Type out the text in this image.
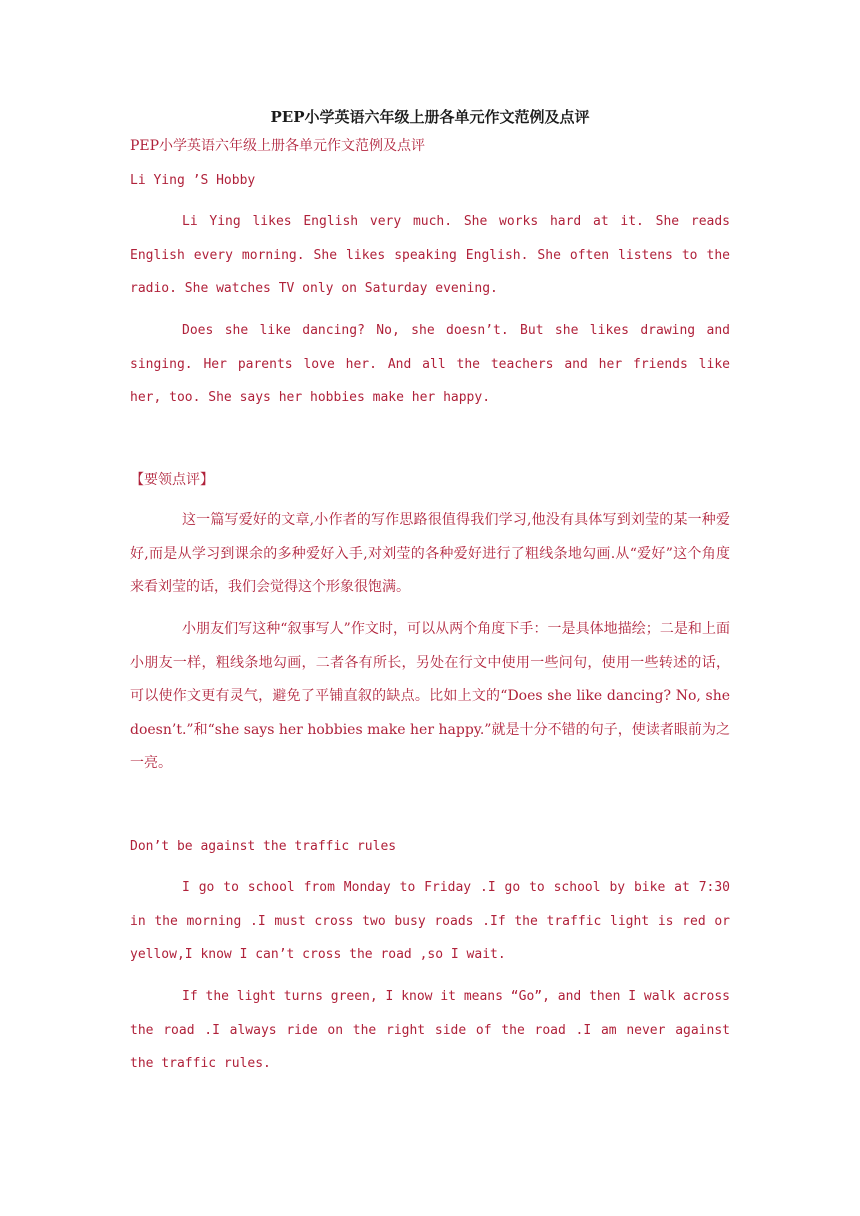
PEP小学英语六年级上册各单元作文范例及点评
PEP小学英语六年级上册各单元作文范例及点评
Li Ying ’S Hobby
Li Ying likes English very much. She works hard at it. She reads English every morning. She likes speaking English. She often listens to the radio. She watches TV only on Saturday evening.
Does she like dancing? No, she doesn’t. But she likes drawing and singing. Her parents love her. And all the teachers and her friends like her, too. She says her hobbies make her happy.
【要领点评】
这一篇写爱好的文章,小作者的写作思路很值得我们学习,他没有具体写到刘莹的某一种爱好,而是从学习到课余的多种爱好入手,对刘莹的各种爱好进行了粗线条地勾画.从“爱好”这个角度来看刘莹的话，我们会觉得这个形象很饱满。
小朋友们写这种“叙事写人”作文时，可以从两个角度下手：一是具体地描绘；二是和上面小朋友一样，粗线条地勾画，二者各有所长，另处在行文中使用一些问句，使用一些转述的话，可以使作文更有灵气，避免了平铺直叙的缺点。比如上文的“Does she like dancing? No, she doesn’t.”和“she says her hobbies make her happy.”就是十分不错的句子，使读者眼前为之一亮。
Don’t be against the traffic rules
I go to school from Monday to Friday .I go to school by bike at 7:30 in the morning .I must cross two busy roads .If the traffic light is red or yellow,I know I can’t cross the road ,so I wait.
If the light turns green, I know it means “Go”, and then I walk across the road .I always ride on the right side of the road .I am never against the traffic rules.
